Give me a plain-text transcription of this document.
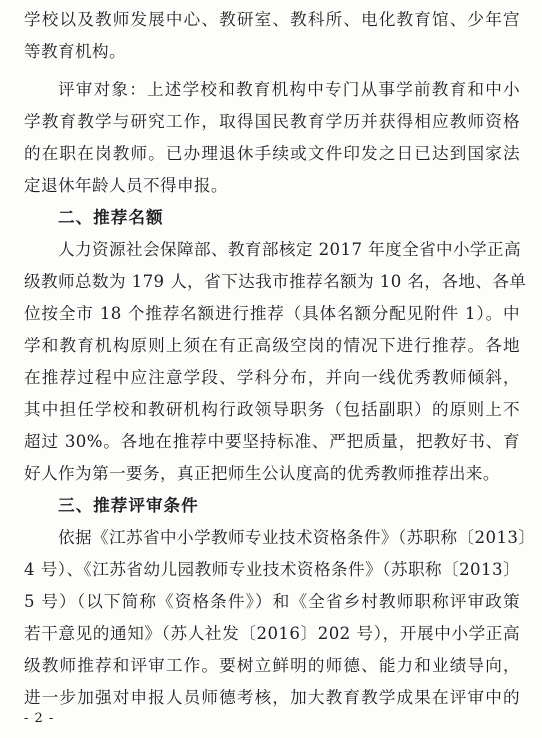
学校以及教师发展中心、教研室、教科所、电化教育馆、少年宫
等教育机构。
评审对象：上述学校和教育机构中专门从事学前教育和中小
学教育教学与研究工作，取得国民教育学历并获得相应教师资格
的在职在岗教师。已办理退休手续或文件印发之日已达到国家法
定退休年龄人员不得申报。
二、推荐名额
人力资源社会保障部、教育部核定 2017 年度全省中小学正高
级教师总数为 179 人，省下达我市推荐名额为 10 名，各地、各单
位按全市 18 个推荐名额进行推荐（具体名额分配见附件 1）。中
学和教育机构原则上须在有正高级空岗的情况下进行推荐。各地
在推荐过程中应注意学段、学科分布，并向一线优秀教师倾斜，
其中担任学校和教研机构行政领导职务（包括副职）的原则上不
超过 30%。各地在推荐中要坚持标准、严把质量，把教好书、育
好人作为第一要务，真正把师生公认度高的优秀教师推荐出来。
三、推荐评审条件
依据《江苏省中小学教师专业技术资格条件》（苏职称〔2013〕
4 号）、《江苏省幼儿园教师专业技术资格条件》（苏职称〔2013〕
5 号）（以下简称《资格条件》）和《全省乡村教师职称评审政策
若干意见的通知》（苏人社发〔2016〕202 号），开展中小学正高
级教师推荐和评审工作。要树立鲜明的师德、能力和业绩导向，
进一步加强对申报人员师德考核，加大教育教学成果在评审中的
- 2 -
